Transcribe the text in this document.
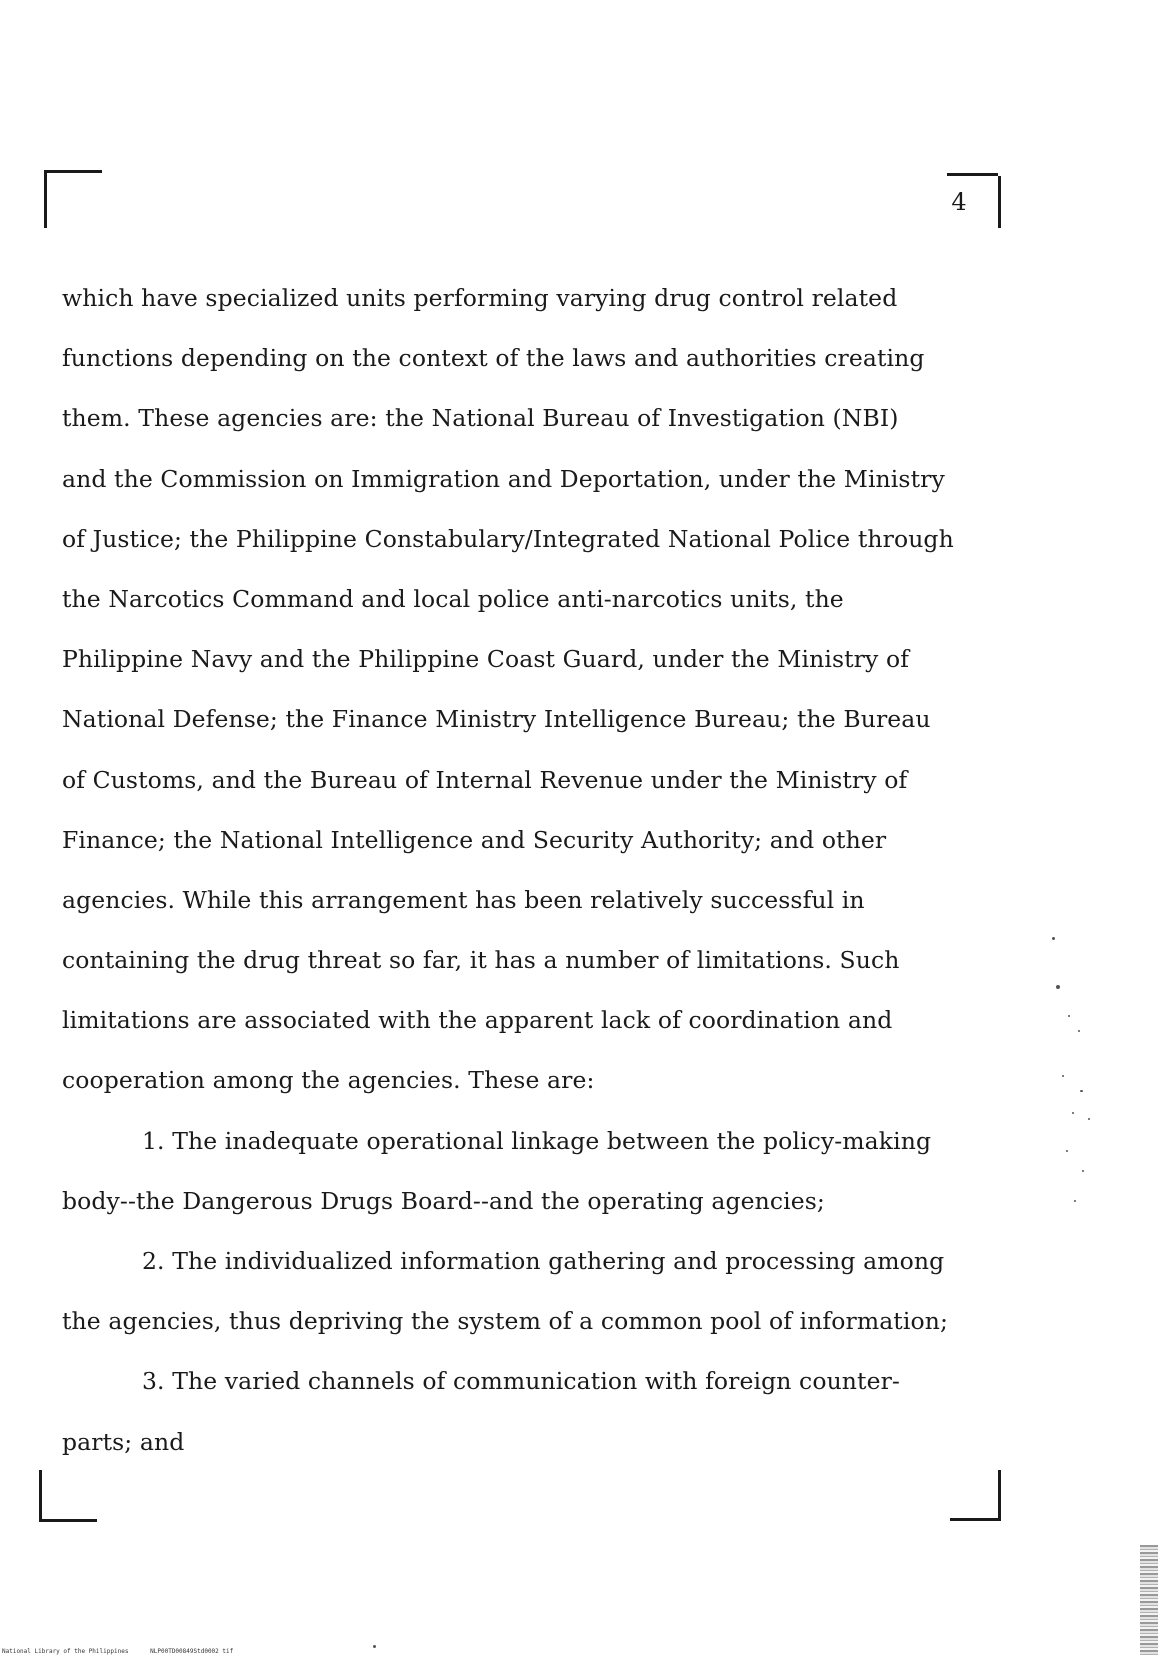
4
which have specialized units performing varying drug control related
functions depending on the context of the laws and authorities creating
them. These agencies are: the National Bureau of Investigation (NBI)
and the Commission on Immigration and Deportation, under the Ministry
of Justice; the Philippine Constabulary/Integrated National Police through
the Narcotics Command and local police anti-narcotics units, the
Philippine Navy and the Philippine Coast Guard, under the Ministry of
National Defense; the Finance Ministry Intelligence Bureau; the Bureau
of Customs, and the Bureau of Internal Revenue under the Ministry of
Finance; the National Intelligence and Security Authority; and other
agencies. While this arrangement has been relatively successful in
containing the drug threat so far, it has a number of limitations. Such
limitations are associated with the apparent lack of coordination and
cooperation among the agencies. These are:
1. The inadequate operational linkage between the policy-making
body--the Dangerous Drugs Board--and the operating agencies;
2. The individualized information gathering and processing among
the agencies, thus depriving the system of a common pool of information;
3. The varied channels of communication with foreign counter-
parts; and
National Library of the Philippines	NLP00TD00849Std0002 tif
